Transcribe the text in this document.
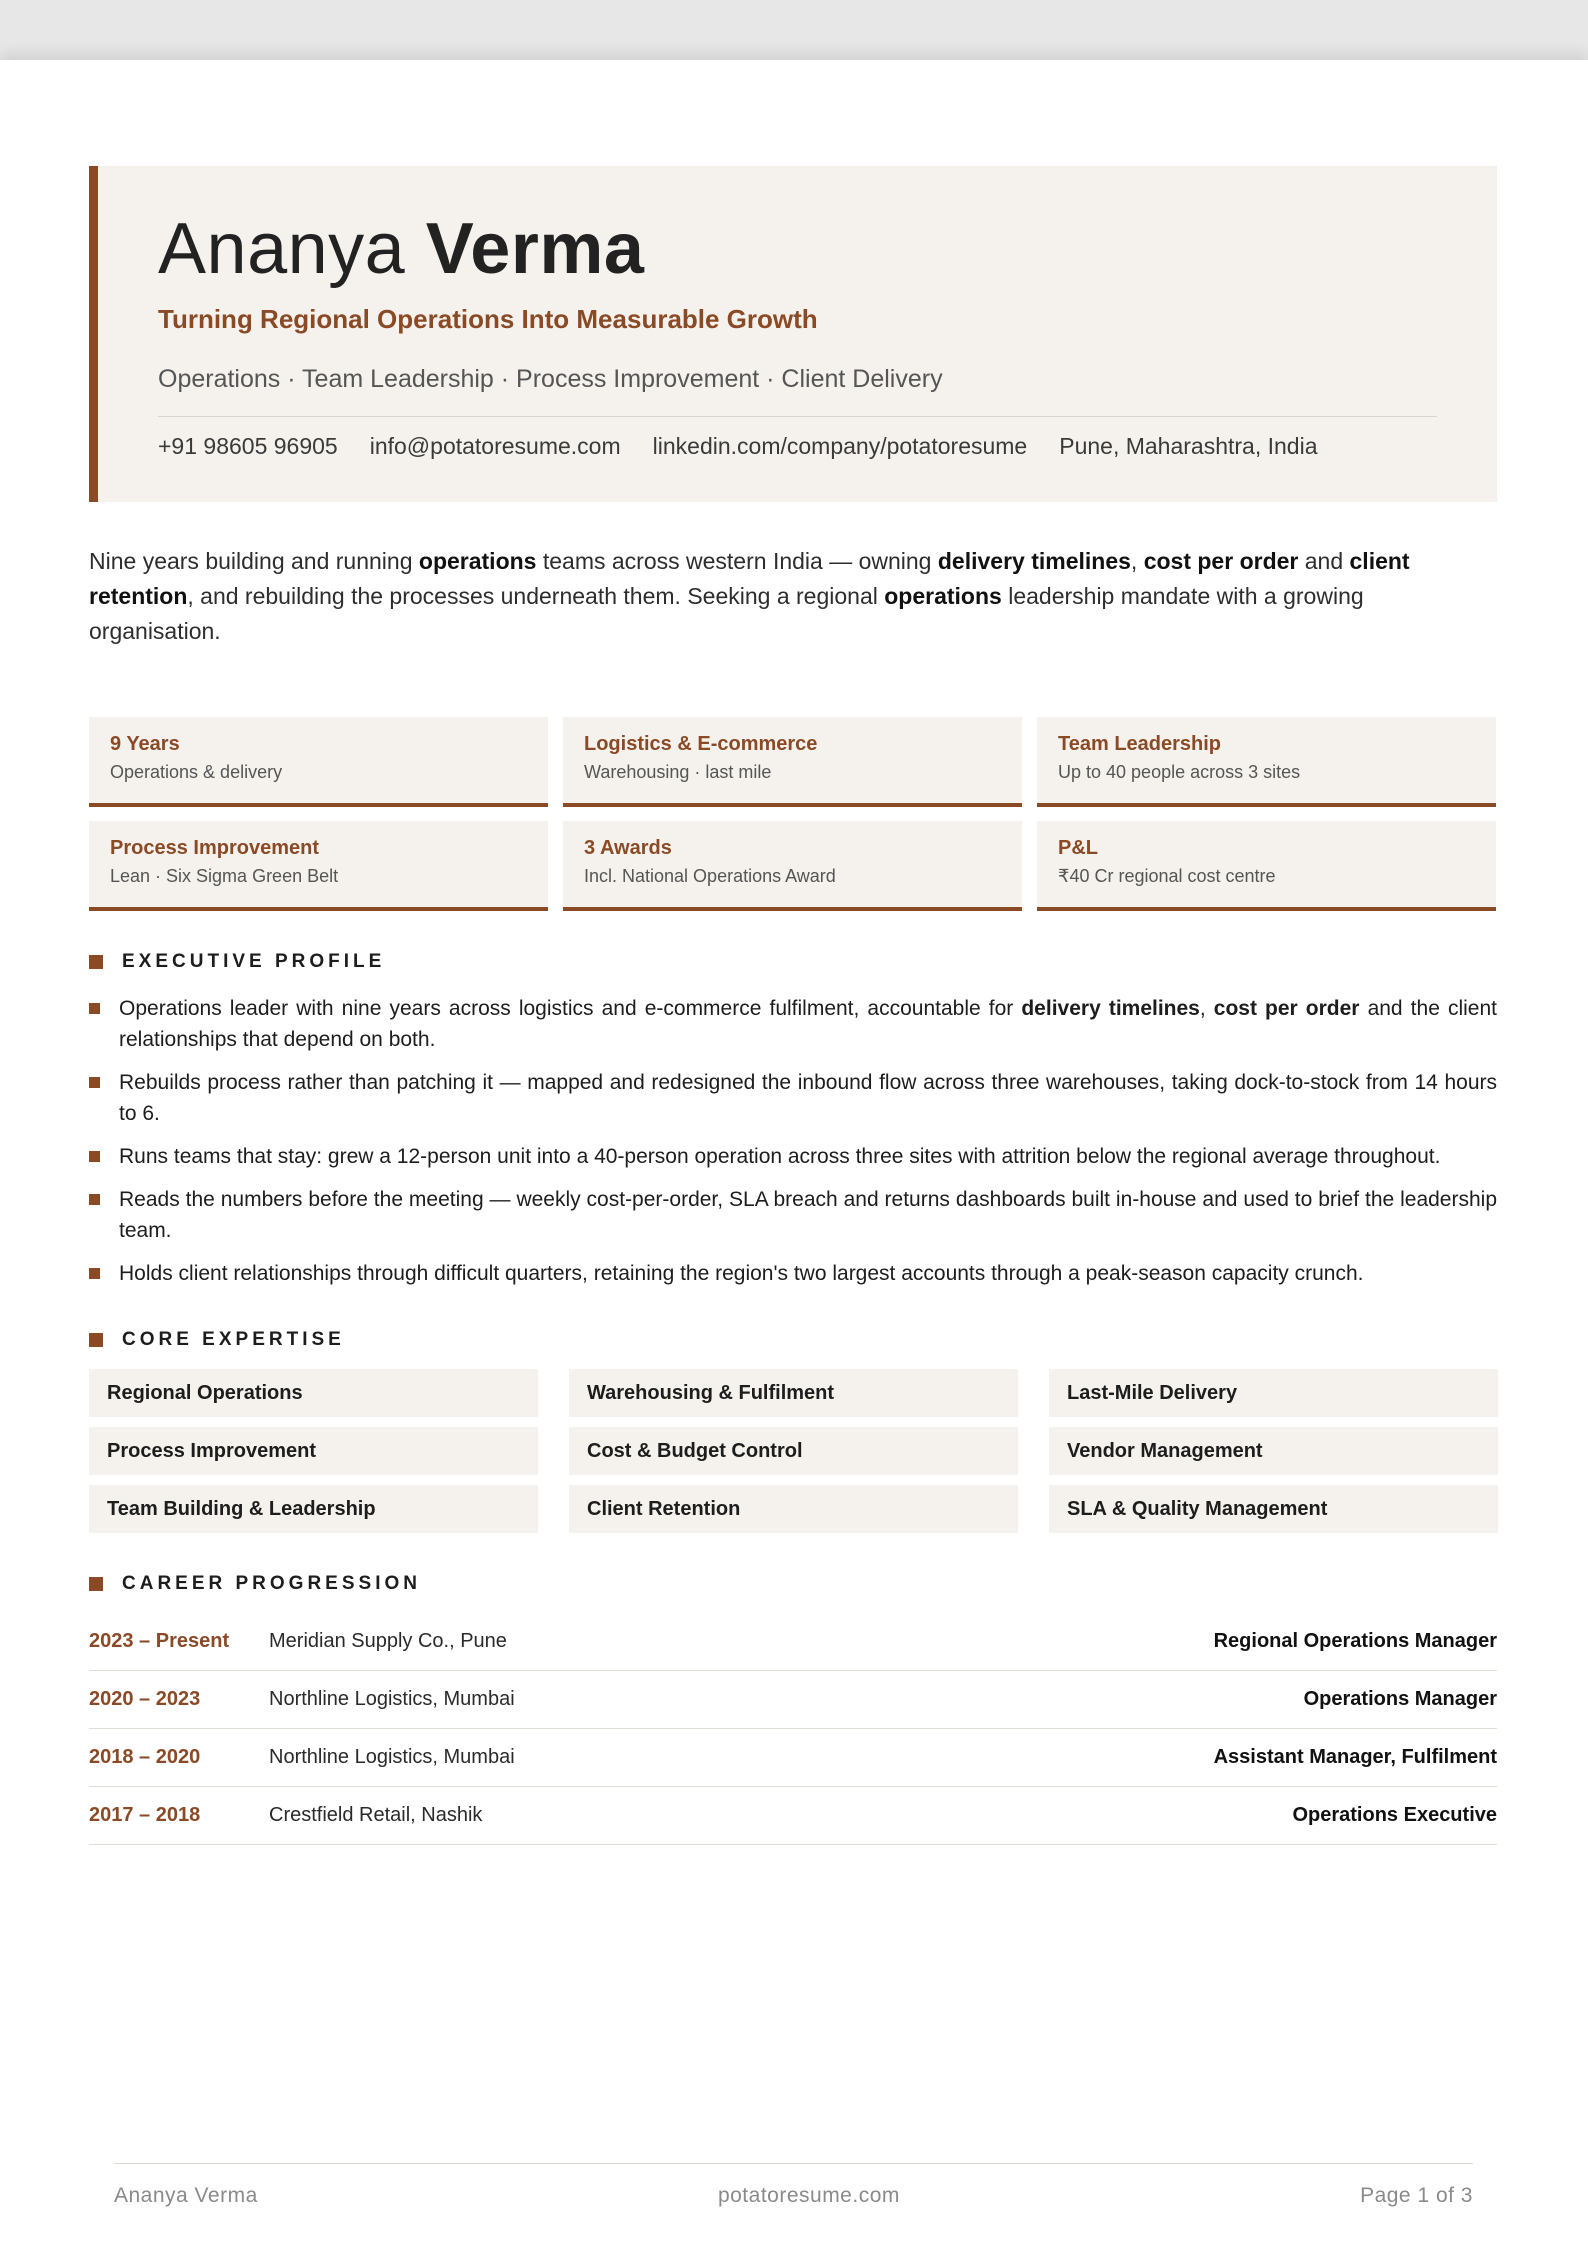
Ananya Verma
Turning Regional Operations Into Measurable Growth
Operations · Team Leadership · Process Improvement · Client Delivery
+91 98605 96905 info@potatoresume.com linkedin.com/company/potatoresume Pune, Maharashtra, India
Nine years building and running operations teams across western India — owning delivery timelines, cost per order and client retention, and rebuilding the processes underneath them. Seeking a regional operations leadership mandate with a growing organisation.
9 Years
Operations & delivery
Logistics & E-commerce
Warehousing · last mile
Team Leadership
Up to 40 people across 3 sites
Process Improvement
Lean · Six Sigma Green Belt
3 Awards
Incl. National Operations Award
P&L
₹40 Cr regional cost centre
EXECUTIVE PROFILE
Operations leader with nine years across logistics and e-commerce fulfilment, accountable for delivery timelines, cost per order and the client relationships that depend on both.
Rebuilds process rather than patching it — mapped and redesigned the inbound flow across three warehouses, taking dock-to-stock from 14 hours to 6.
Runs teams that stay: grew a 12-person unit into a 40-person operation across three sites with attrition below the regional average throughout.
Reads the numbers before the meeting — weekly cost-per-order, SLA breach and returns dashboards built in-house and used to brief the leadership team.
Holds client relationships through difficult quarters, retaining the region's two largest accounts through a peak-season capacity crunch.
CORE EXPERTISE
Regional Operations	Warehousing & Fulfilment	Last-Mile Delivery
Process Improvement	Cost & Budget Control	Vendor Management
Team Building & Leadership	Client Retention	SLA & Quality Management
CAREER PROGRESSION
2023 – Present	Meridian Supply Co., Pune	Regional Operations Manager
2020 – 2023	Northline Logistics, Mumbai	Operations Manager
2018 – 2020	Northline Logistics, Mumbai	Assistant Manager, Fulfilment
2017 – 2018	Crestfield Retail, Nashik	Operations Executive
Ananya Verma	potatoresume.com	Page 1 of 3
